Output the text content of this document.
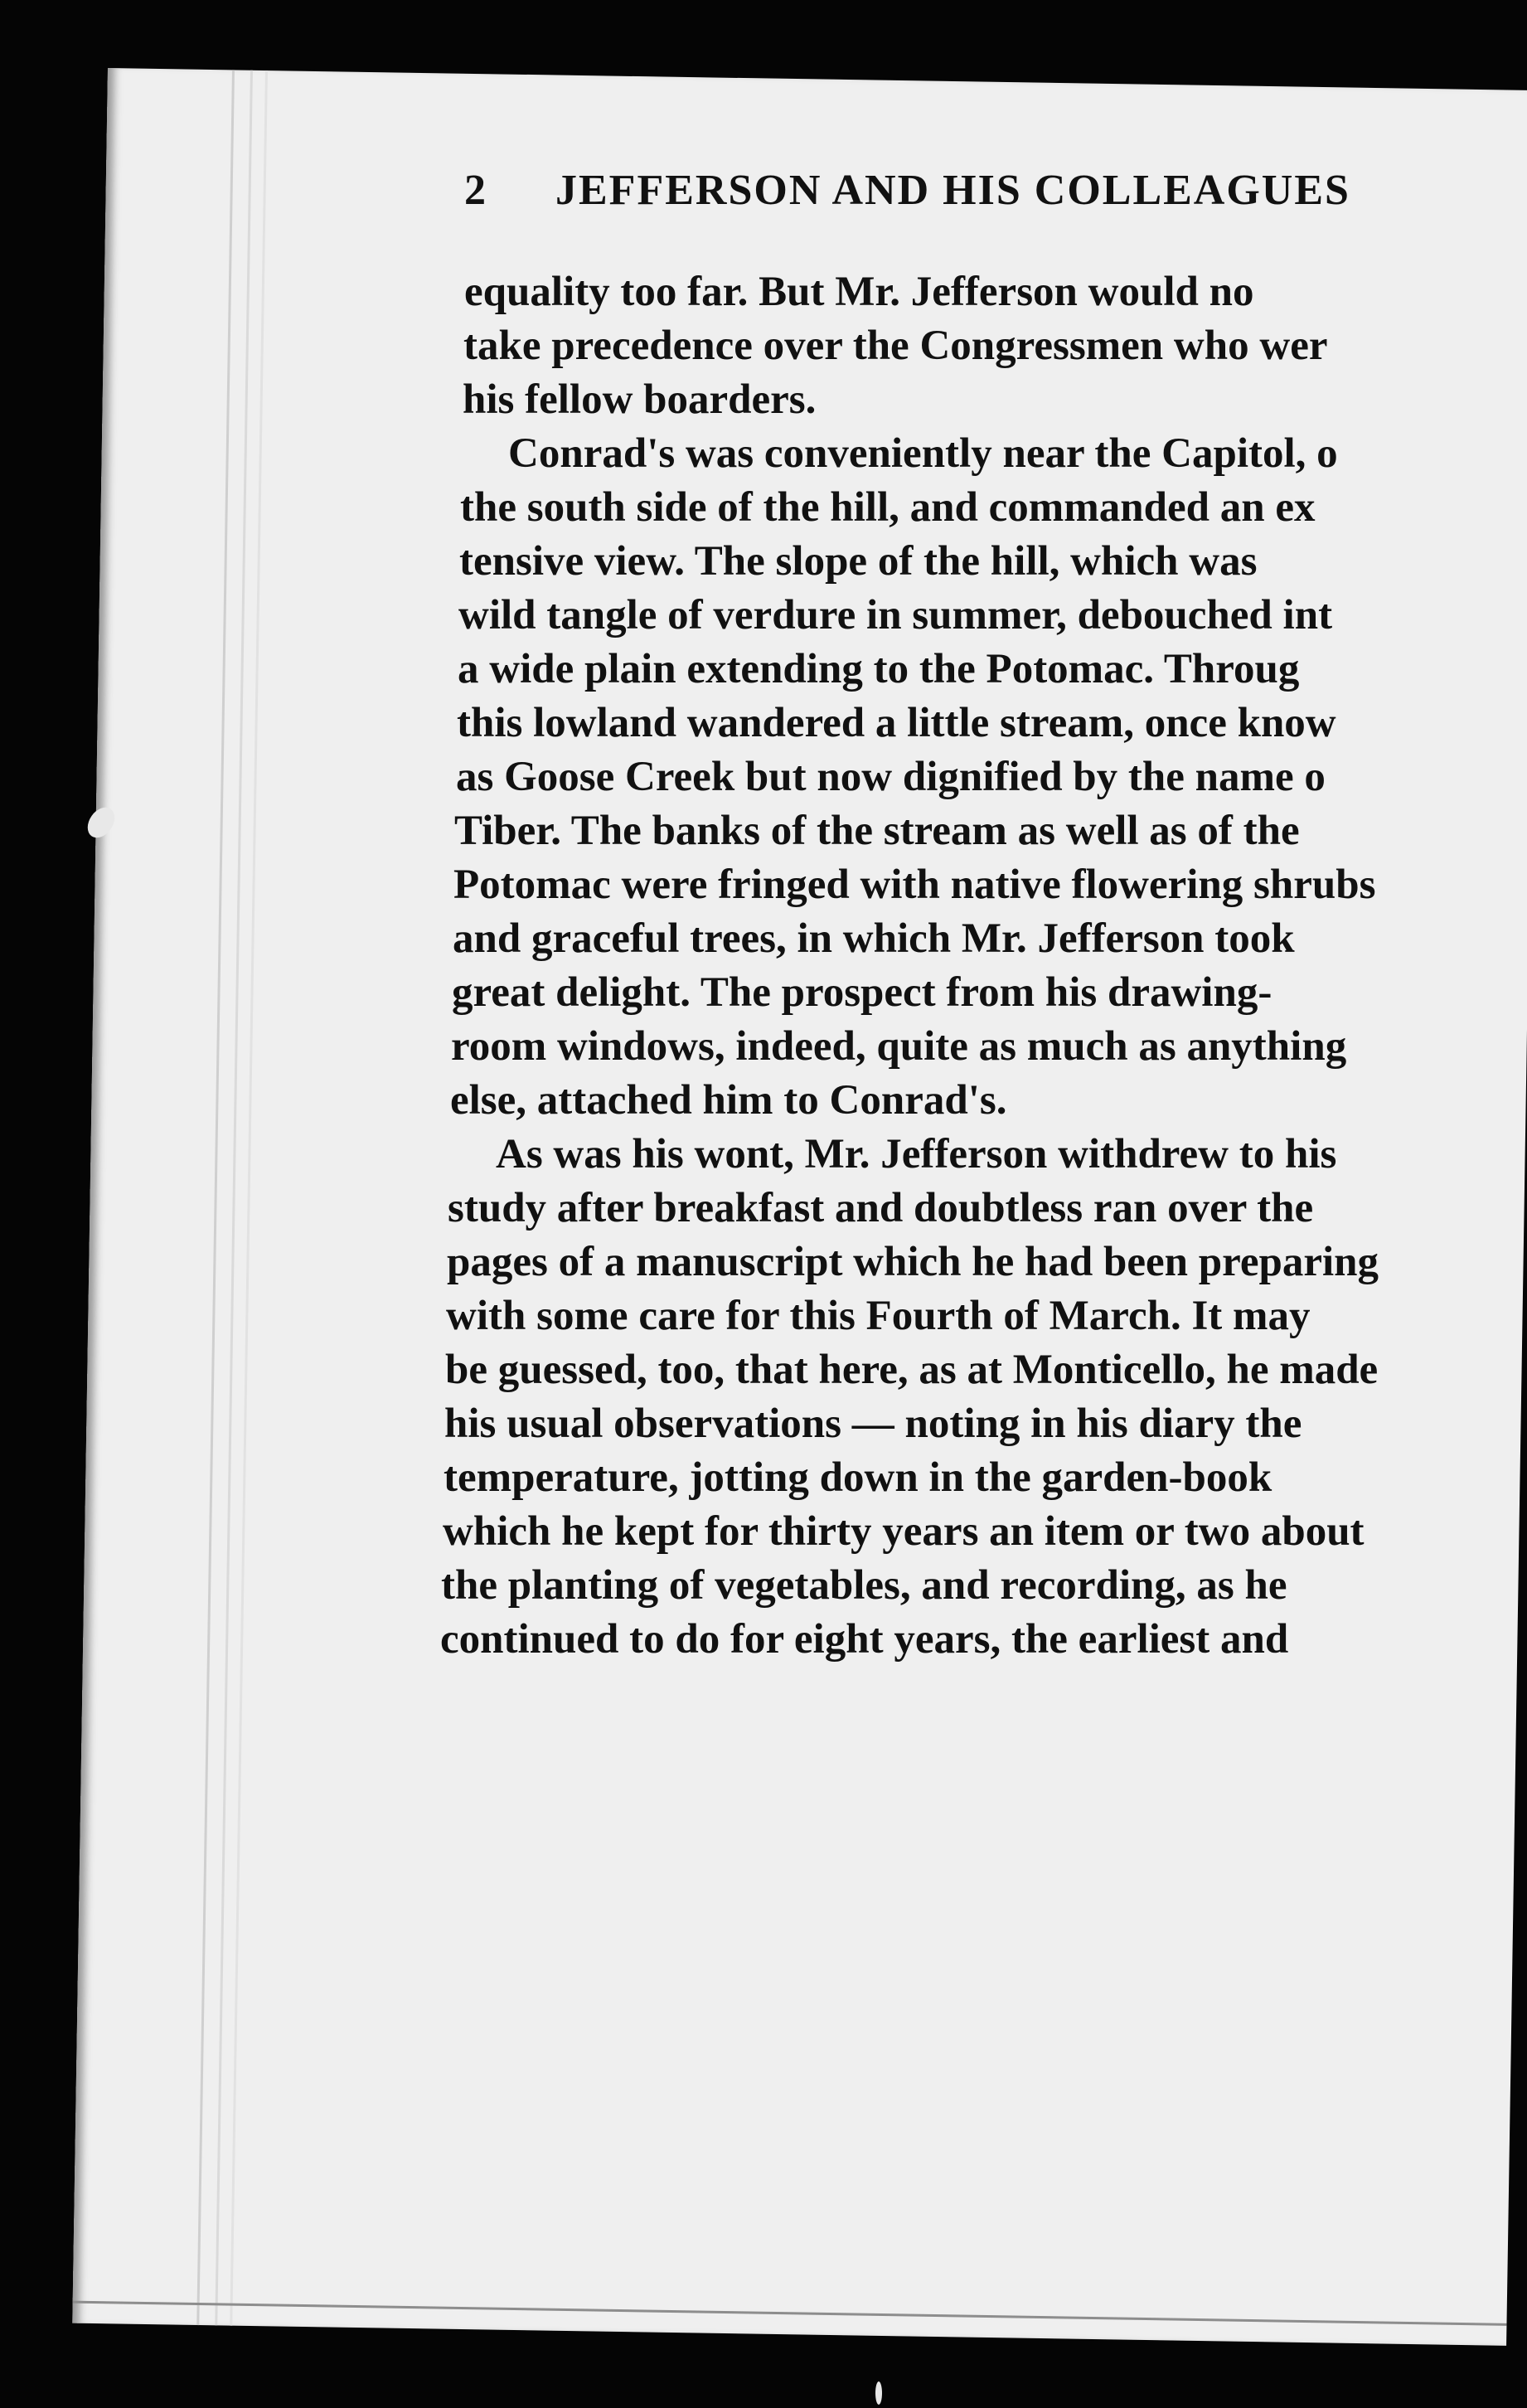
2 JEFFERSON AND HIS COLLEAGUES
equality too far. But Mr. Jefferson would no
take precedence over the Congressmen who wer
his fellow boarders.
Conrad's was conveniently near the Capitol, o
the south side of the hill, and commanded an ex
tensive view. The slope of the hill, which was
wild tangle of verdure in summer, debouched int
a wide plain extending to the Potomac. Throug
this lowland wandered a little stream, once know
as Goose Creek but now dignified by the name o
Tiber. The banks of the stream as well as of the
Potomac were fringed with native flowering shrubs
and graceful trees, in which Mr. Jefferson took
great delight. The prospect from his drawing-
room windows, indeed, quite as much as anything
else, attached him to Conrad's.
As was his wont, Mr. Jefferson withdrew to his
study after breakfast and doubtless ran over the
pages of a manuscript which he had been preparing
with some care for this Fourth of March. It may
be guessed, too, that here, as at Monticello, he made
his usual observations — noting in his diary the
temperature, jotting down in the garden-book
which he kept for thirty years an item or two about
the planting of vegetables, and recording, as he
continued to do for eight years, the earliest and
